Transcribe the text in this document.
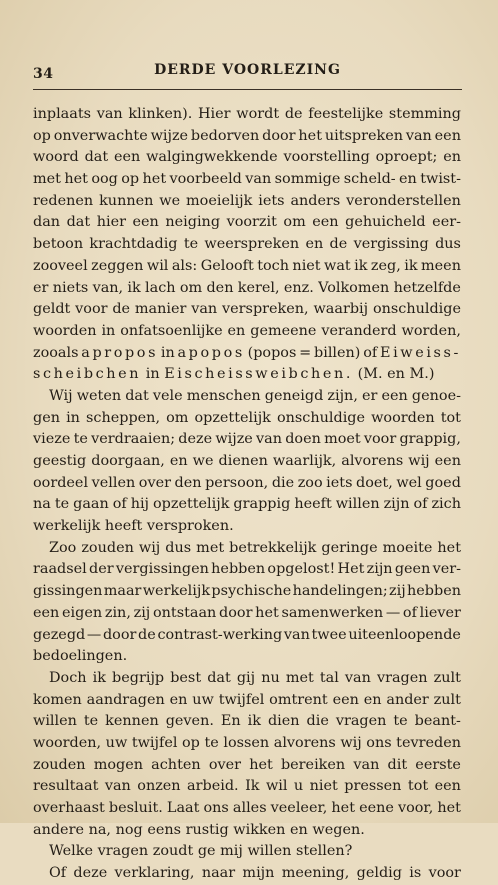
34	DERDE VOORLEZING
inplaats van klinken). Hier wordt de feestelijke stemming
op onverwachte wijze bedorven door het uitspreken van een
woord dat een walgingwekkende voorstelling oproept; en
met het oog op het voorbeeld van sommige scheld- en twist-
redenen kunnen we moeielijk iets anders veronderstellen
dan dat hier een neiging voorzit om een gehuicheld eer-
betoon krachtdadig te weerspreken en de vergissing dus
zooveel zeggen wil als: Gelooft toch niet wat ik zeg, ik meen
er niets van, ik lach om den kerel, enz. Volkomen hetzelfde
geldt voor de manier van verspreken, waarbij onschuldige
woorden in onfatsoenlijke en gemeene veranderd worden,
zooals apropos in apopos (popos = billen) of Eiweiss-
scheibchen
in
Eischeissweibchen.
(M.
en
M.)
Wij weten dat vele menschen geneigd zijn, er een genoe-
gen in scheppen, om opzettelijk onschuldige woorden tot
vieze te verdraaien; deze wijze van doen moet voor grappig,
geestig doorgaan, en we dienen waarlijk, alvorens wij een
oordeel vellen over den persoon, die zoo iets doet, wel goed
na te gaan of hij opzettelijk grappig heeft willen zijn of zich
werkelijk
heeft
versproken.
Zoo zouden wij dus met betrekkelijk geringe moeite het
raadsel der vergissingen hebben opgelost! Het zijn geen ver-
gissingen maar werkelijk psychische handelingen; zij hebben
een eigen zin, zij ontstaan door het samenwerken — of liever
gezegd — door de contrast-werking van twee uiteenloopende
bedoelingen.
Doch ik begrijp best dat gij nu met tal van vragen zult
komen aandragen en uw twijfel omtrent een en ander zult
willen te kennen geven. En ik dien die vragen te beant-
woorden, uw twijfel op te lossen alvorens wij ons tevreden
zouden mogen achten over het bereiken van dit eerste
resultaat van onzen arbeid. Ik wil u niet pressen tot een
overhaast besluit. Laat ons alles veeleer, het eene voor, het
andere
na,
nog
eens
rustig
wikken
en
wegen.
Welke
vragen
zoudt
ge
mij
willen
stellen?
Of deze verklaring, naar mijn meening, geldig is voor
